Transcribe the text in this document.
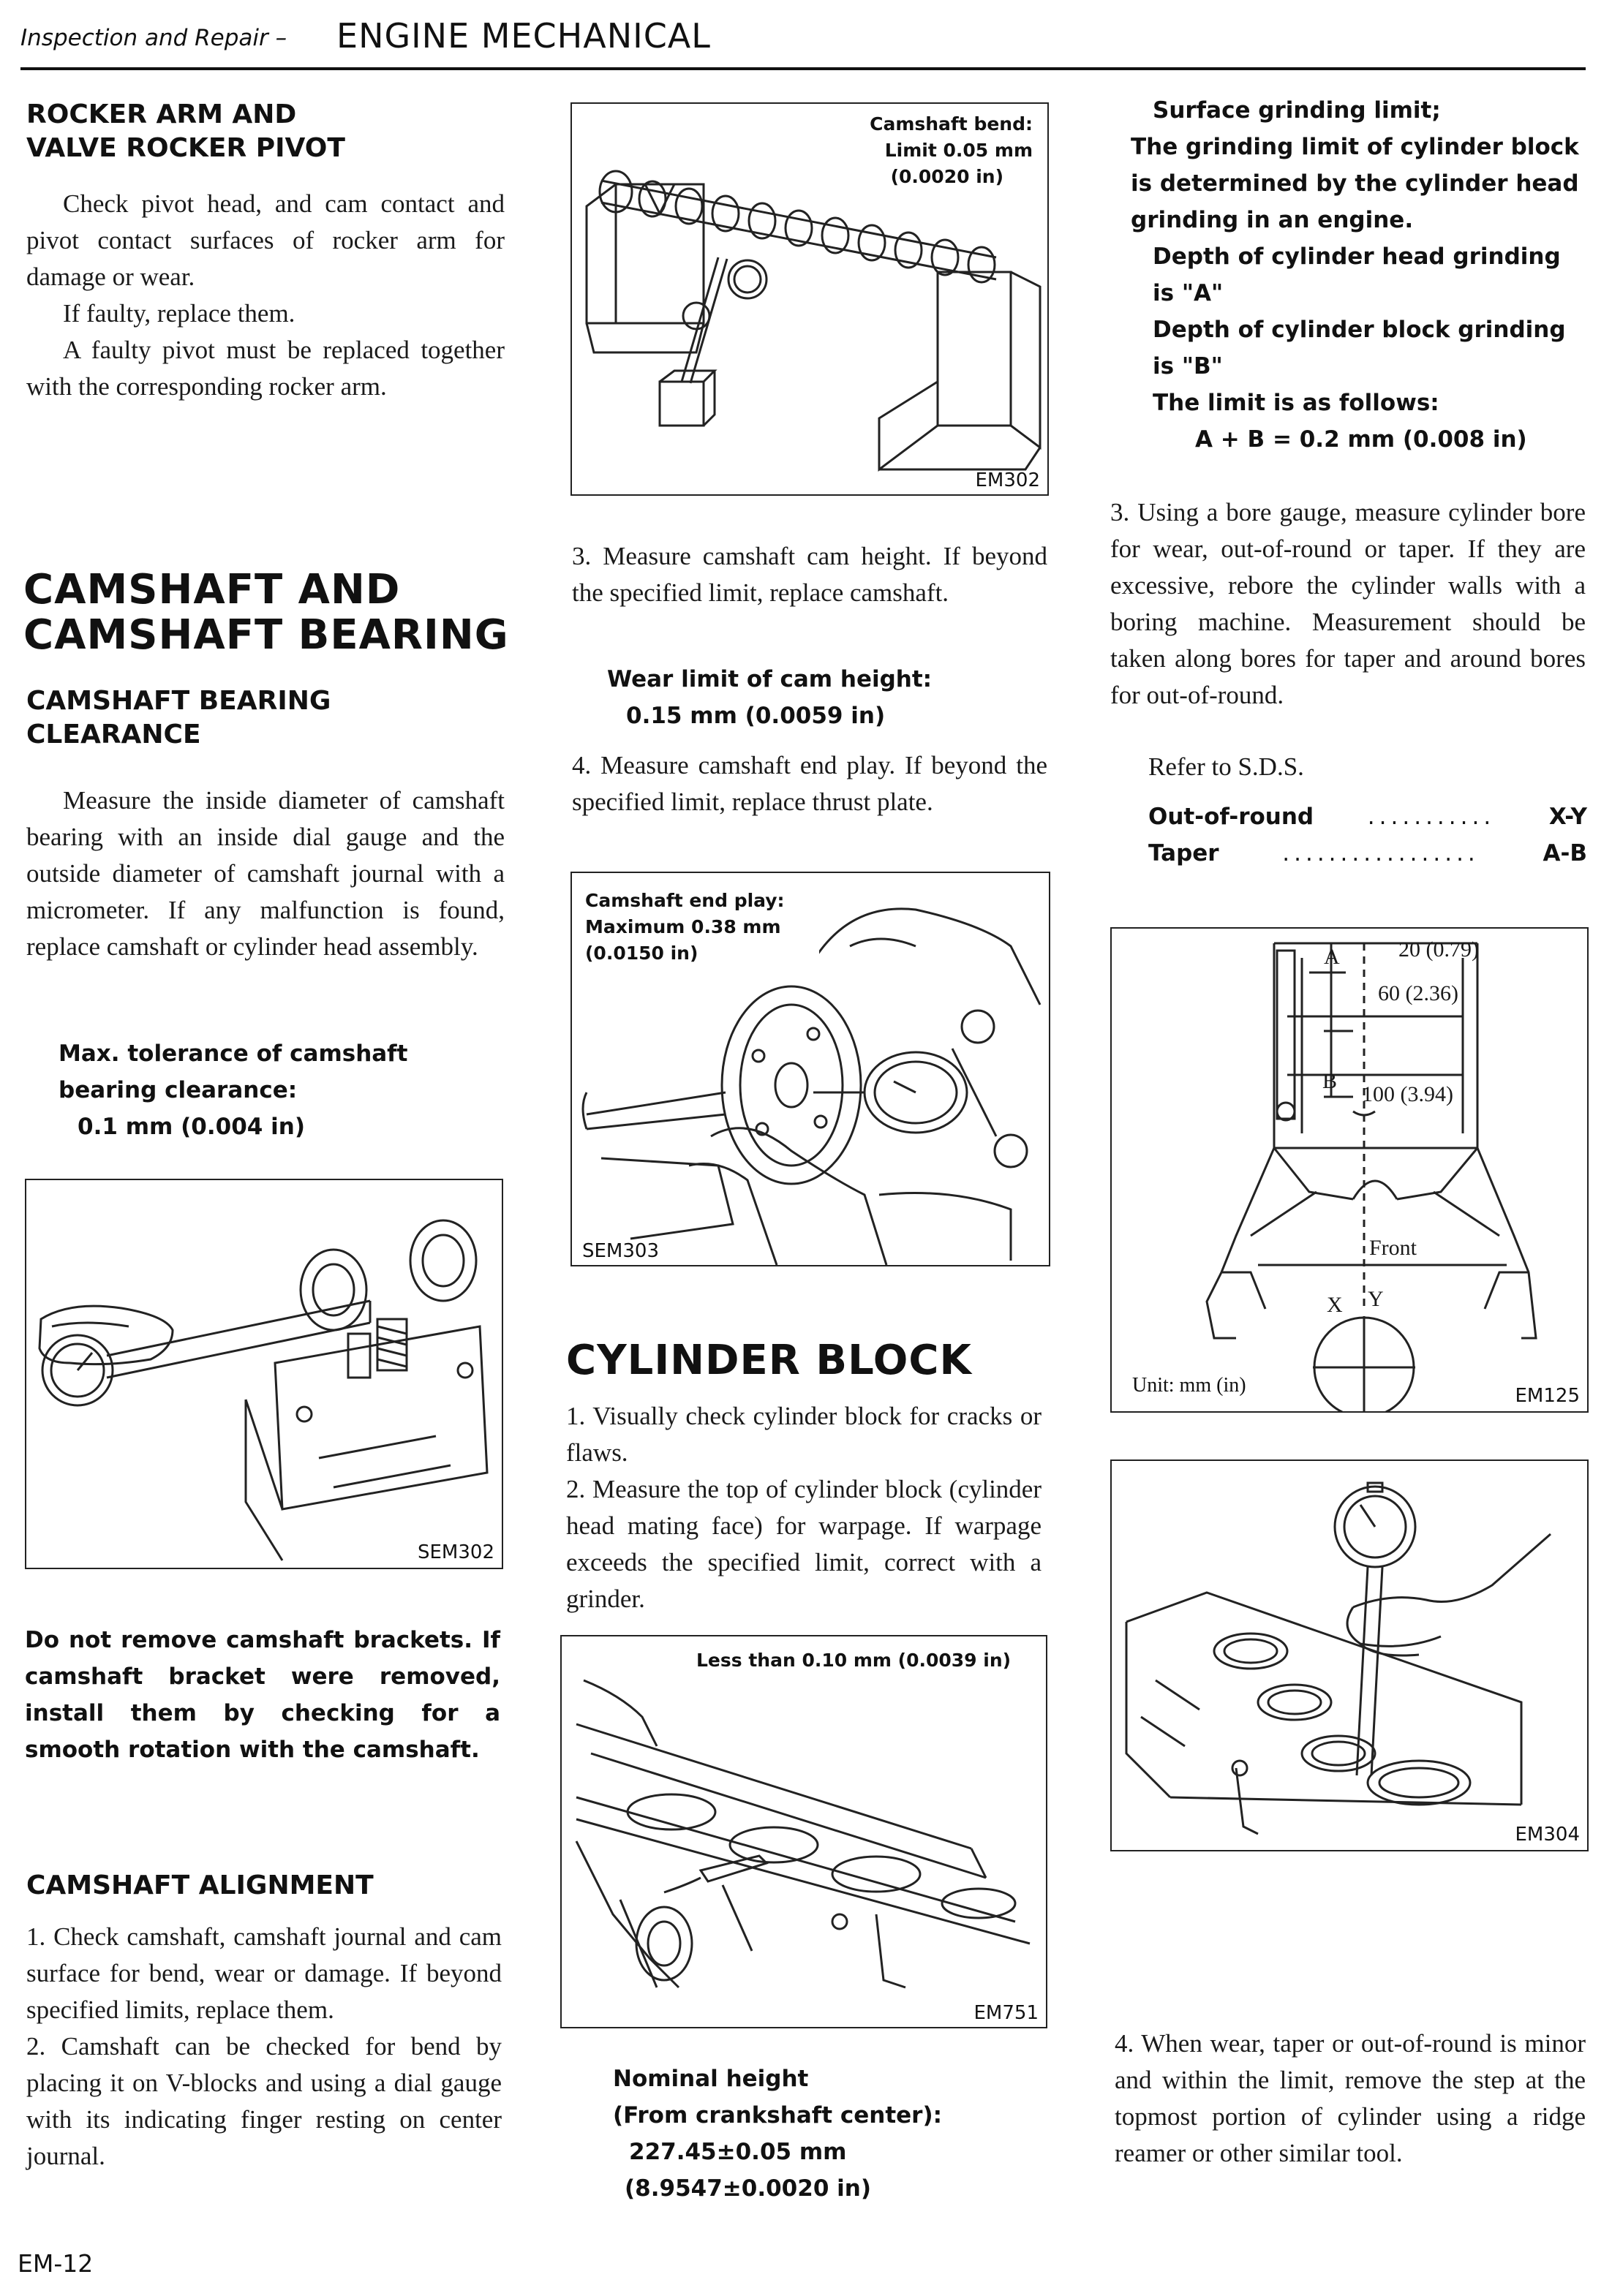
Inspection and Repair – ENGINE MECHANICAL
ROCKER ARM AND
VALVE ROCKER PIVOT

Check pivot head, and cam contact and pivot contact surfaces of rocker arm for damage or wear.

If faulty, replace them.

A faulty pivot must be replaced together with the corresponding rocker arm.

CAMSHAFT AND
CAMSHAFT BEARING
CAMSHAFT BEARING
CLEARANCE

Measure the inside diameter of camshaft bearing with an inside dial gauge and the outside diameter of camshaft journal with a micrometer. If any malfunction is found, replace camshaft or cylinder head assembly.

Max. tolerance of camshaft
bearing clearance:
0.1 mm (0.004 in)
SEM302
Do not remove camshaft brackets. If camshaft bracket were removed, install them by checking for a smooth rotation with the camshaft.
CAMSHAFT ALIGNMENT

1. Check camshaft, camshaft journal and cam surface for bend, wear or damage. If beyond specified limits, replace them.

2. Camshaft can be checked for bend by placing it on V-blocks and using a dial gauge with its indicating finger resting on center journal.

Camshaft bend:
Limit 0.05 mm
(0.0020 in)
EM302

3. Measure camshaft cam height. If beyond the specified limit, replace camshaft.

Wear limit of cam height:
0.15 mm (0.0059 in)

4. Measure camshaft end play. If beyond the specified limit, replace thrust plate.

Camshaft end play:
Maximum 0.38 mm
(0.0150 in)
SEM303
CYLINDER BLOCK

1. Visually check cylinder block for cracks or flaws.

2. Measure the top of cylinder block (cylinder head mating face) for warpage. If warpage exceeds the specified limit, correct with a grinder.

Less than 0.10 mm (0.0039 in)
EM751
Nominal height
(From crankshaft center):
227.45±0.05 mm
(8.9547±0.0020 in)
Surface grinding limit;
The grinding limit of cylinder block is determined by the cylinder head grinding in an engine.
Depth of cylinder head grinding is "A"
Depth of cylinder block grinding is "B"
The limit is as follows:
A + B = 0.2 mm (0.008 in)

3. Using a bore gauge, measure cylinder bore for wear, out-of-round or taper. If they are excessive, rebore the cylinder walls with a boring machine. Measurement should be taken along bores for taper and around bores for out-of-round.

Refer to S.D.S.

Out-of-round	...........	X-Y
Taper	.................	A-B
A
B
20 (0.79)
60 (2.36)
100 (3.94)
Front
X Y
Unit: mm (in)	EM125
EM304

4. When wear, taper or out-of-round is minor and within the limit, remove the step at the topmost portion of cylinder using a ridge reamer or other similar tool.

EM-12
